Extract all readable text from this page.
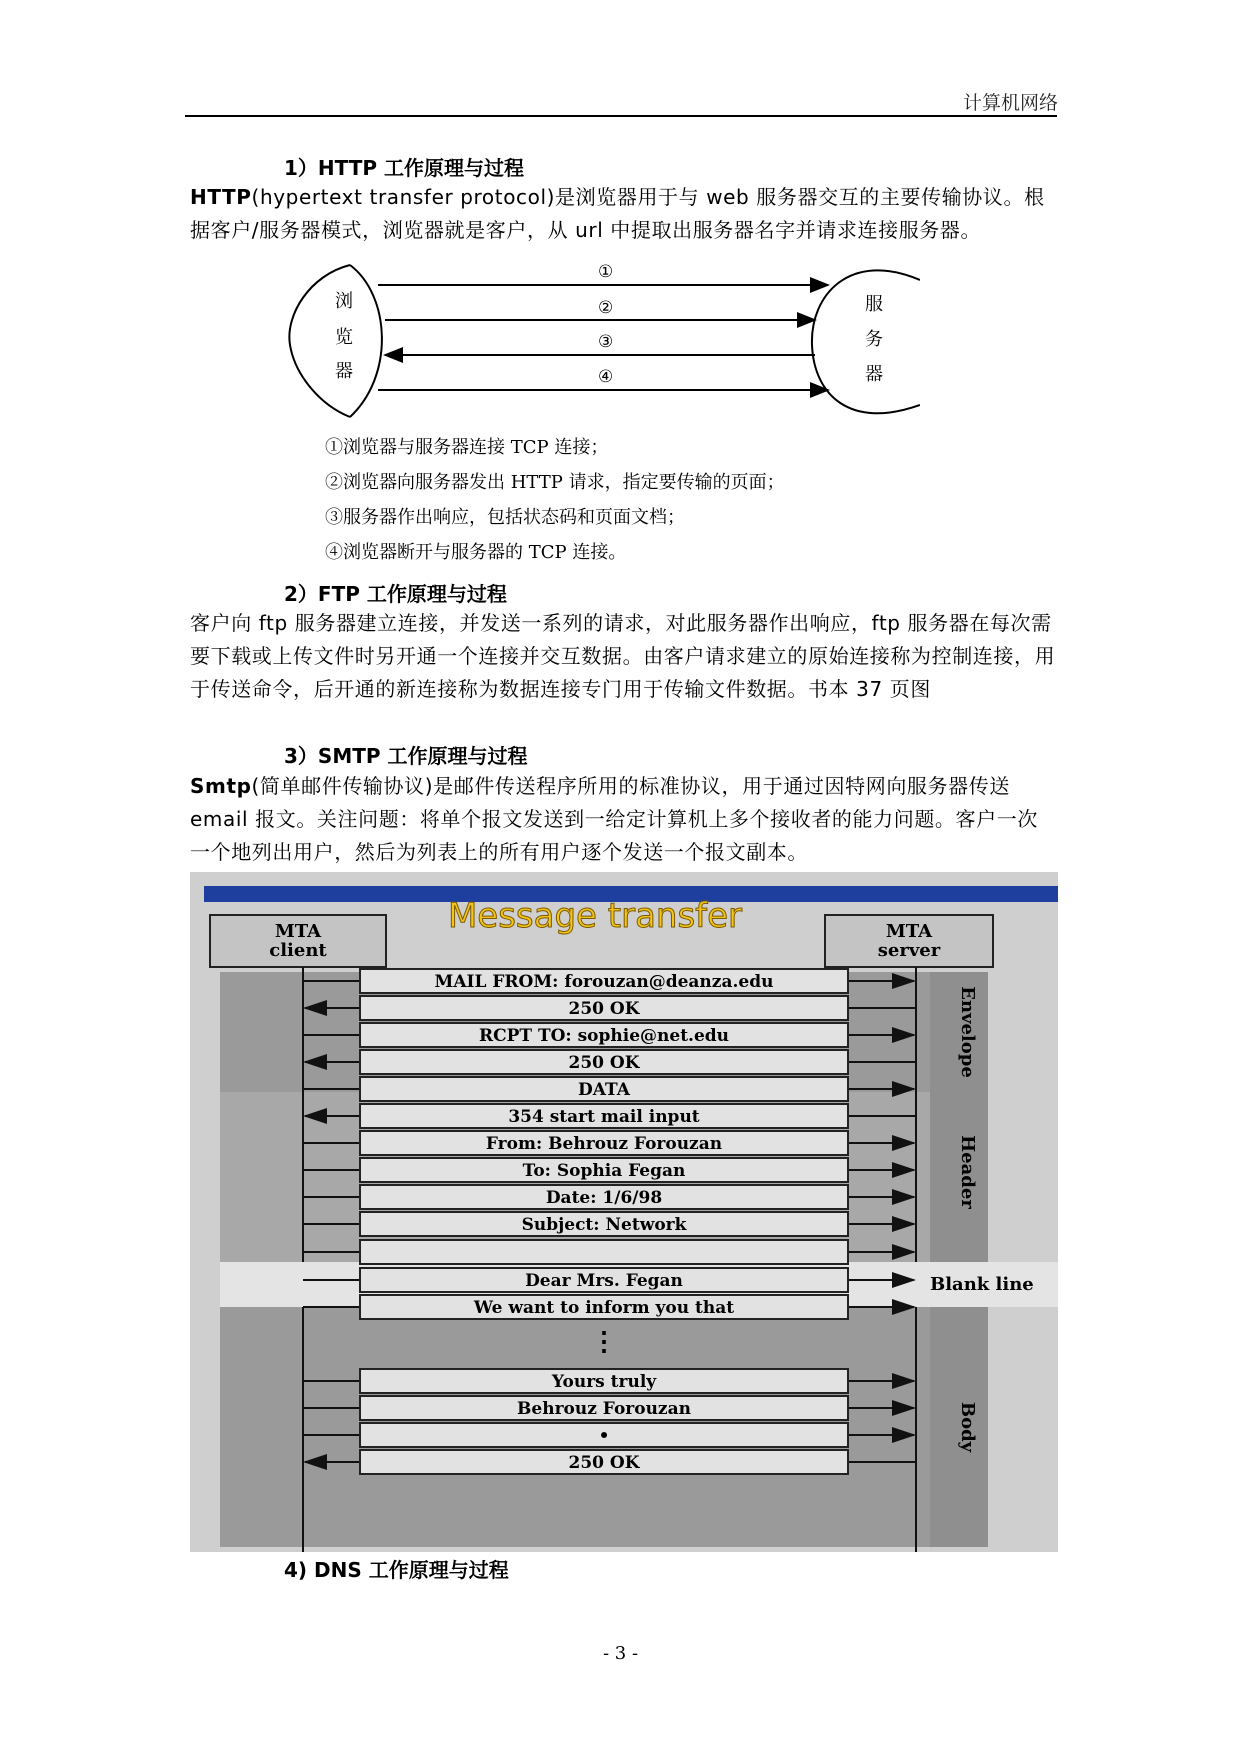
计算机网络
1）HTTP 工作原理与过程

HTTP(hypertext transfer protocol)是浏览器用于与 web 服务器交互的主要传输协议。根据客户/服务器模式，浏览器就是客户，从 url 中提取出服务器名字并请求连接服务器。

浏
览
器
服
务
器
①
②
③
④
①浏览器与服务器连接 TCP 连接；
②浏览器向服务器发出 HTTP 请求，指定要传输的页面；
③服务器作出响应，包括状态码和页面文档；
④浏览器断开与服务器的 TCP 连接。
2）FTP 工作原理与过程

客户向 ftp 服务器建立连接，并发送一系列的请求，对此服务器作出响应，ftp 服务器在每次需要下载或上传文件时另开通一个连接并交互数据。由客户请求建立的原始连接称为控制连接，用于传送命令，后开通的新连接称为数据连接专门用于传输文件数据。书本 37 页图

3）SMTP 工作原理与过程

Smtp(简单邮件传输协议)是邮件传送程序所用的标准协议，用于通过因特网向服务器传送 email 报文。关注问题：将单个报文发送到一给定计算机上多个接收者的能力问题。客户一次一个地列出用户，然后为列表上的所有用户逐个发送一个报文副本。

Message transfer
MTA
client
MTA
server
Envelope
Header
Body
Blank line
MAIL FROM: forouzan@deanza.edu
250 OK
RCPT TO: sophie@net.edu
250 OK
DATA
354 start mail input
From: Behrouz Forouzan
To: Sophia Fegan
Date: 1/6/98
Subject: Network
Dear Mrs. Fegan
We want to inform you that
⋮
Yours truly
Behrouz Forouzan
•
250 OK
4) DNS 工作原理与过程
- 3 -
